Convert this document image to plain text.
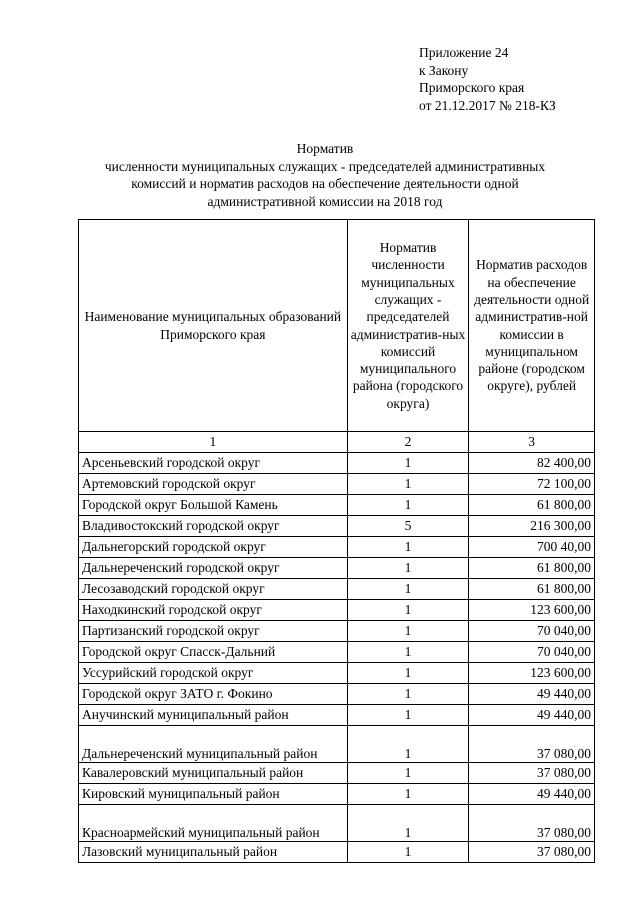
Приложение 24
к Закону
Приморского края
от 21.12.2017 № 218-КЗ
Норматив
численности муниципальных служащих - председателей административных
комиссий и норматив расходов на обеспечение деятельности одной
административной комиссии на 2018 год
Наименование муниципальных образований Приморского края	Норматив численности муниципальных служащих - председателей административ-ных комиссий муниципального района (городского округа)	Норматив расходов на обеспечение деятельности одной административ-ной комиссии в муниципальном районе (городском округе), рублей
1	2	3
Арсеньевский городской округ	1	82 400,00
Артемовский городской округ	1	72 100,00
Городской округ Большой Камень	1	61 800,00
Владивостокский городской округ	5	216 300,00
Дальнегорский городской округ	1	700 40,00
Дальнереченский городской округ	1	61 800,00
Лесозаводский городской округ	1	61 800,00
Находкинский городской округ	1	123 600,00
Партизанский городской округ	1	70 040,00
Городской округ Спасск-Дальний	1	70 040,00
Уссурийский городской округ	1	123 600,00
Городской округ ЗАТО г. Фокино	1	49 440,00
Анучинский муниципальный район	1	49 440,00
Дальнереченский муниципальный район	1	37 080,00
Кавалеровский муниципальный район	1	37 080,00
Кировский муниципальный район	1	49 440,00
Красноармейский муниципальный район	1	37 080,00
Лазовский муниципальный район	1	37 080,00
